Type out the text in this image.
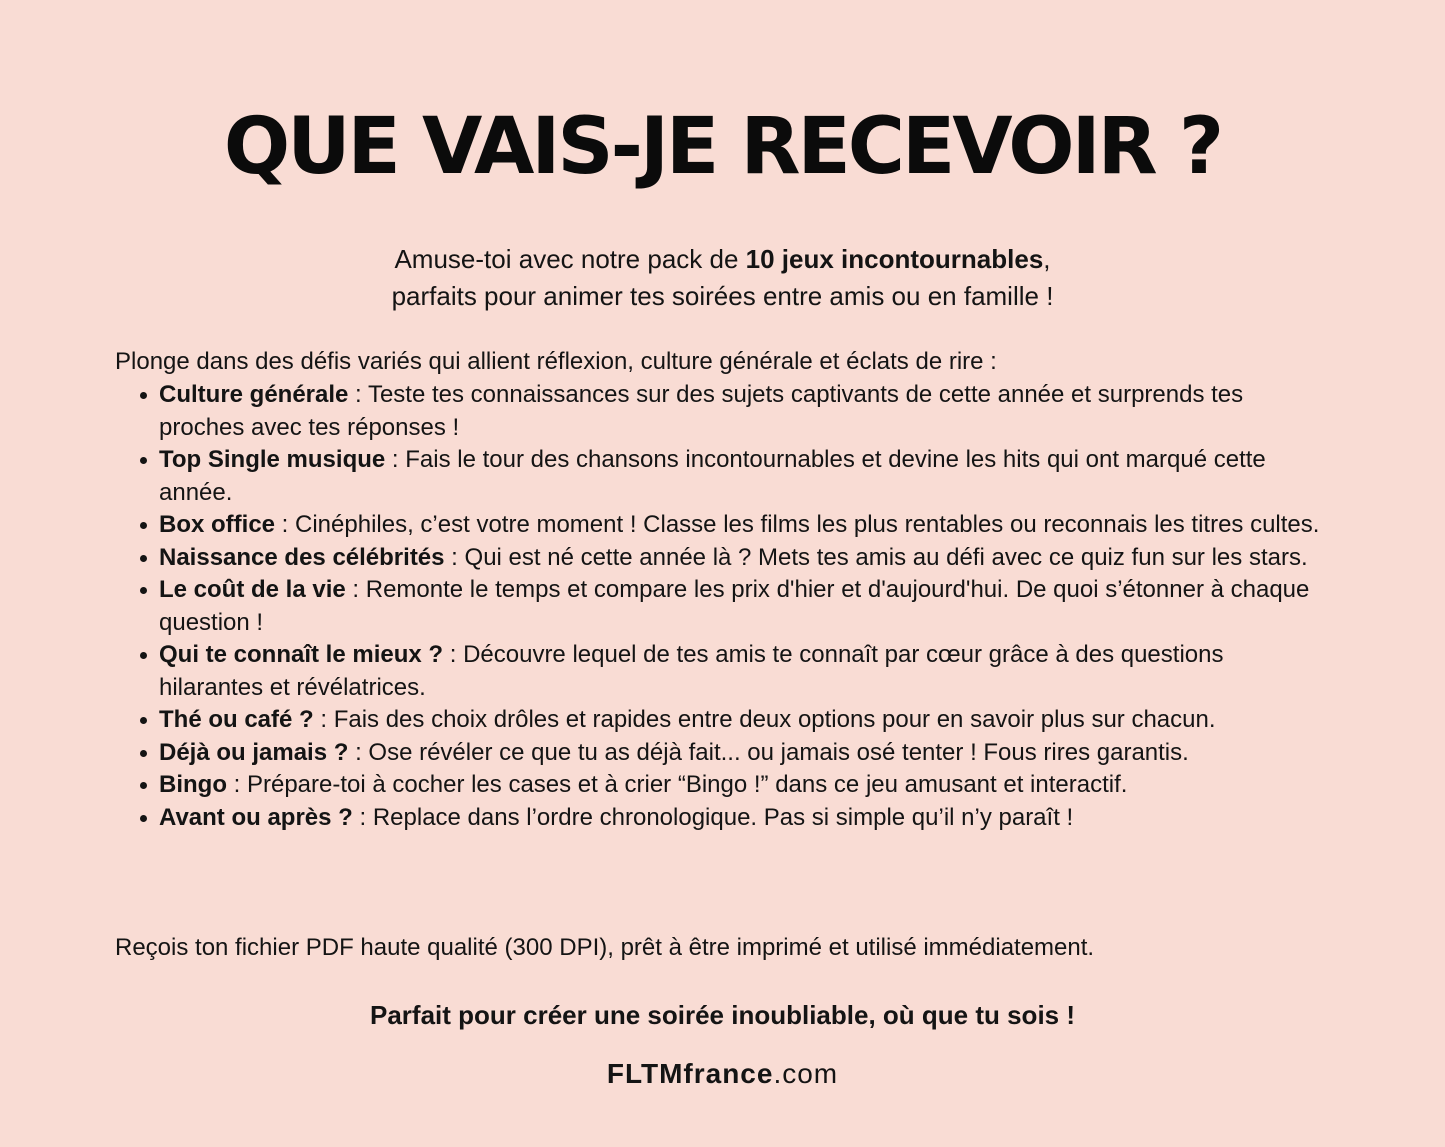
QUE VAIS-JE RECEVOIR ?
Amuse-toi avec notre pack de 10 jeux incontournables,
parfaits pour animer tes soirées entre amis ou en famille !
Plonge dans des défis variés qui allient réflexion, culture générale et éclats de rire :
Culture générale : Teste tes connaissances sur des sujets captivants de cette année et surprends tes proches avec tes réponses !
Top Single musique : Fais le tour des chansons incontournables et devine les hits qui ont marqué cette année.
Box office : Cinéphiles, c’est votre moment ! Classe les films les plus rentables ou reconnais les titres cultes.
Naissance des célébrités : Qui est né cette année là ? Mets tes amis au défi avec ce quiz fun sur les stars.
Le coût de la vie : Remonte le temps et compare les prix d'hier et d'aujourd'hui. De quoi s’étonner à chaque question !
Qui te connaît le mieux ? : Découvre lequel de tes amis te connaît par cœur grâce à des questions hilarantes et révélatrices.
Thé ou café ? : Fais des choix drôles et rapides entre deux options pour en savoir plus sur chacun.
Déjà ou jamais ? : Ose révéler ce que tu as déjà fait... ou jamais osé tenter ! Fous rires garantis.
Bingo : Prépare-toi à cocher les cases et à crier “Bingo !” dans ce jeu amusant et interactif.
Avant ou après ? : Replace dans l’ordre chronologique. Pas si simple qu’il n’y paraît !
Reçois ton fichier PDF haute qualité (300 DPI), prêt à être imprimé et utilisé immédiatement.
Parfait pour créer une soirée inoubliable, où que tu sois !
FLTMfrance.com
